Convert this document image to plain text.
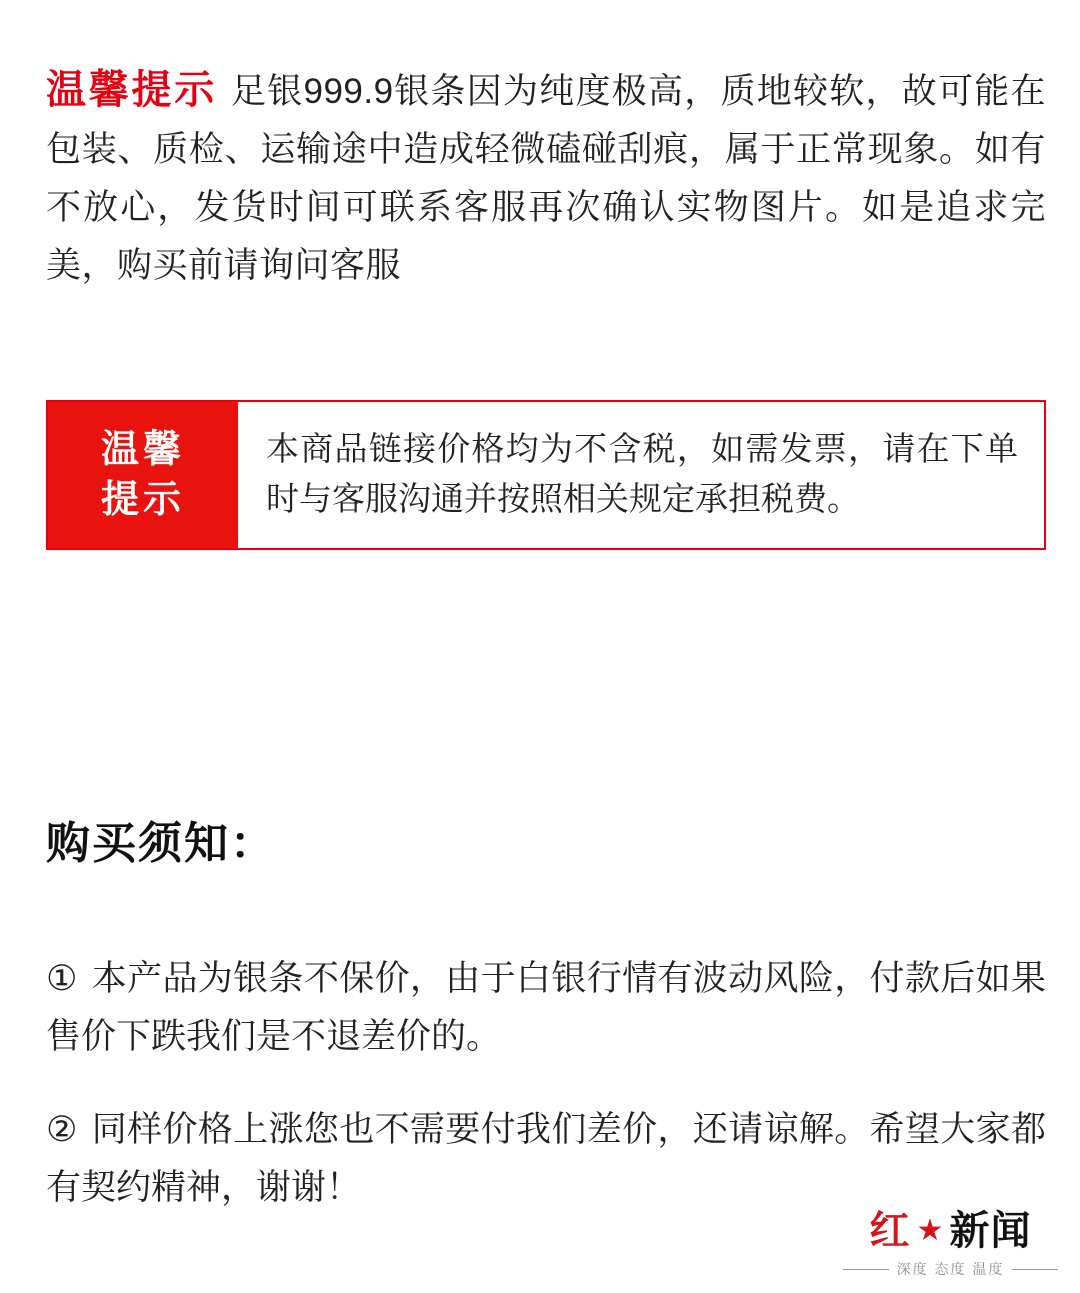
温馨提示 足银999.9银条因为纯度极高，质地较软，故可能在包装、质检、运输途中造成轻微磕碰刮痕，属于正常现象。如有不放心，发货时间可联系客服再次确认实物图片。如是追求完美，购买前请询问客服

温馨
提示
本商品链接价格均为不含税，如需发票，请在下单时与客服沟通并按照相关规定承担税费。
购买须知：

① 本产品为银条不保价，由于白银行情有波动风险，付款后如果售价下跌我们是不退差价的。

② 同样价格上涨您也不需要付我们差价，还请谅解。希望大家都有契约精神，谢谢！

红 ★ 新闻
深度 态度 温度
